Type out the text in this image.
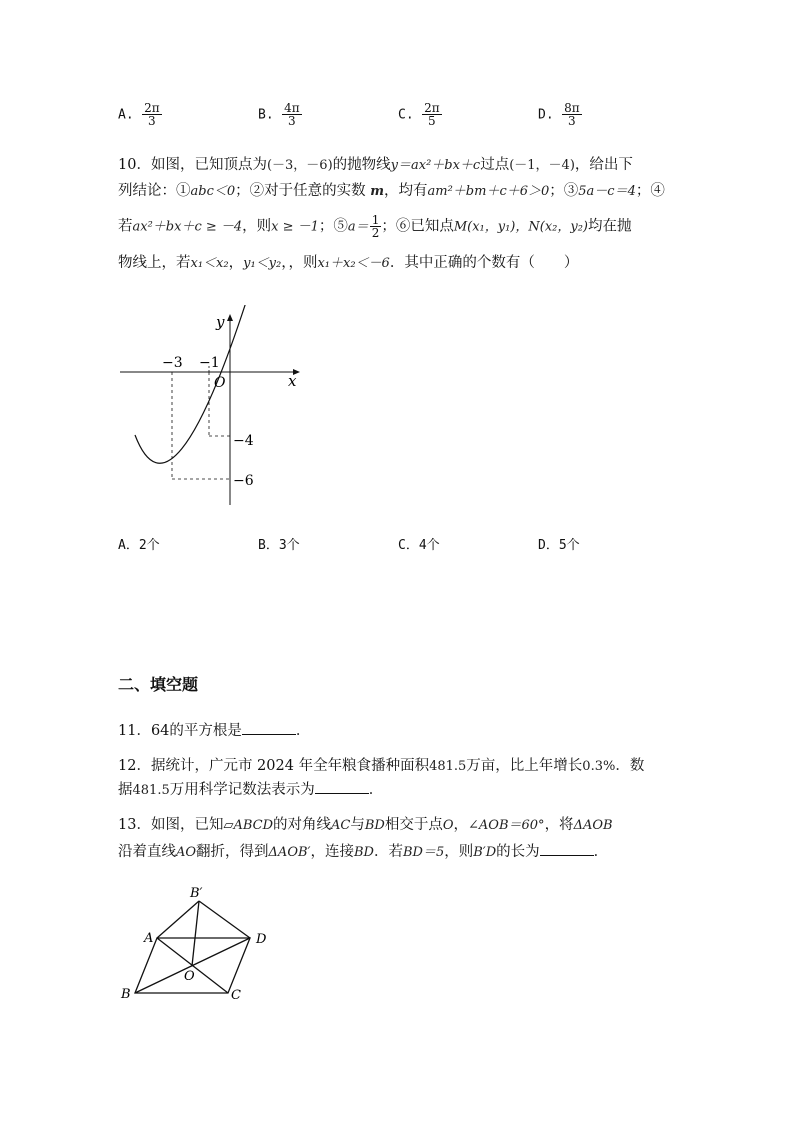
A. $\frac{2\pi}{3}$	B. $\frac{4\pi}{3}$	C. $\frac{2\pi}{5}$	D. $\frac{8\pi}{3}$
10．如图，已知顶点为(－3，－6)的抛物线y＝ax²＋bx＋c过点(－1，－4)，给出下
列结论：①abc＜0；②对于任意的实数 m，均有am²＋bm＋c＋6＞0；③5a－c＝4；④
若ax²＋bx＋c ≥ －4，则x ≥ －1；⑤a＝ $\frac{1}{2}$ ；⑥已知点M(x₁，y₁)，N(x₂，y₂)均在抛
物线上，若x₁＜x₂，y₁＜y₂，，则x₁＋x₂＜－6．其中正确的个数有（　　）
y
x
O
−3 −1
−4
−6
A．2个	B．3个	C．4个	D．5个
二、填空题
11．64的平方根是	．
12．据统计，广元市 2024 年全年粮食播种面积481.5万亩，比上年增长0.3%．数
据481.5万用科学记数法表示为	．
13．如图，已知▱ABCD的对角线AC与BD相交于点O，∠AOB＝60°，将ΔAOB
沿着直线AO翻折，得到ΔAOB′，连接BD．若BD＝5，则B′D的长为	．
B′
A	D
O
B	C
